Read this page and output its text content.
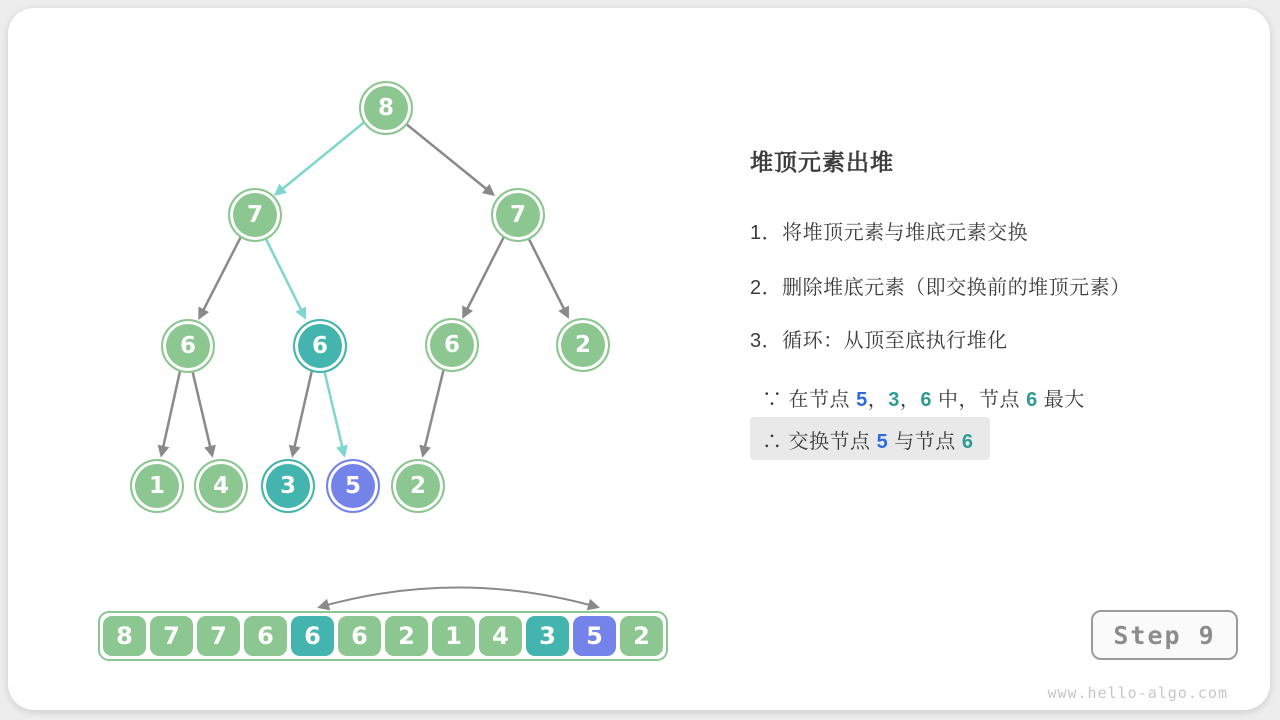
8
7	7
6	6	6	2
1	4	3	5	2
堆顶元素出堆
1．将堆顶元素与堆底元素交换
2．删除堆底元素（即交换前的堆顶元素）
3．循环：从顶至底执行堆化
∵ 在节点 5，3，6 中，节点 6 最大
∴ 交换节点 5 与节点 6
8	7	7	6	6	6	2	1	4	3	5	2	Step 9
www.hello-algo.com
